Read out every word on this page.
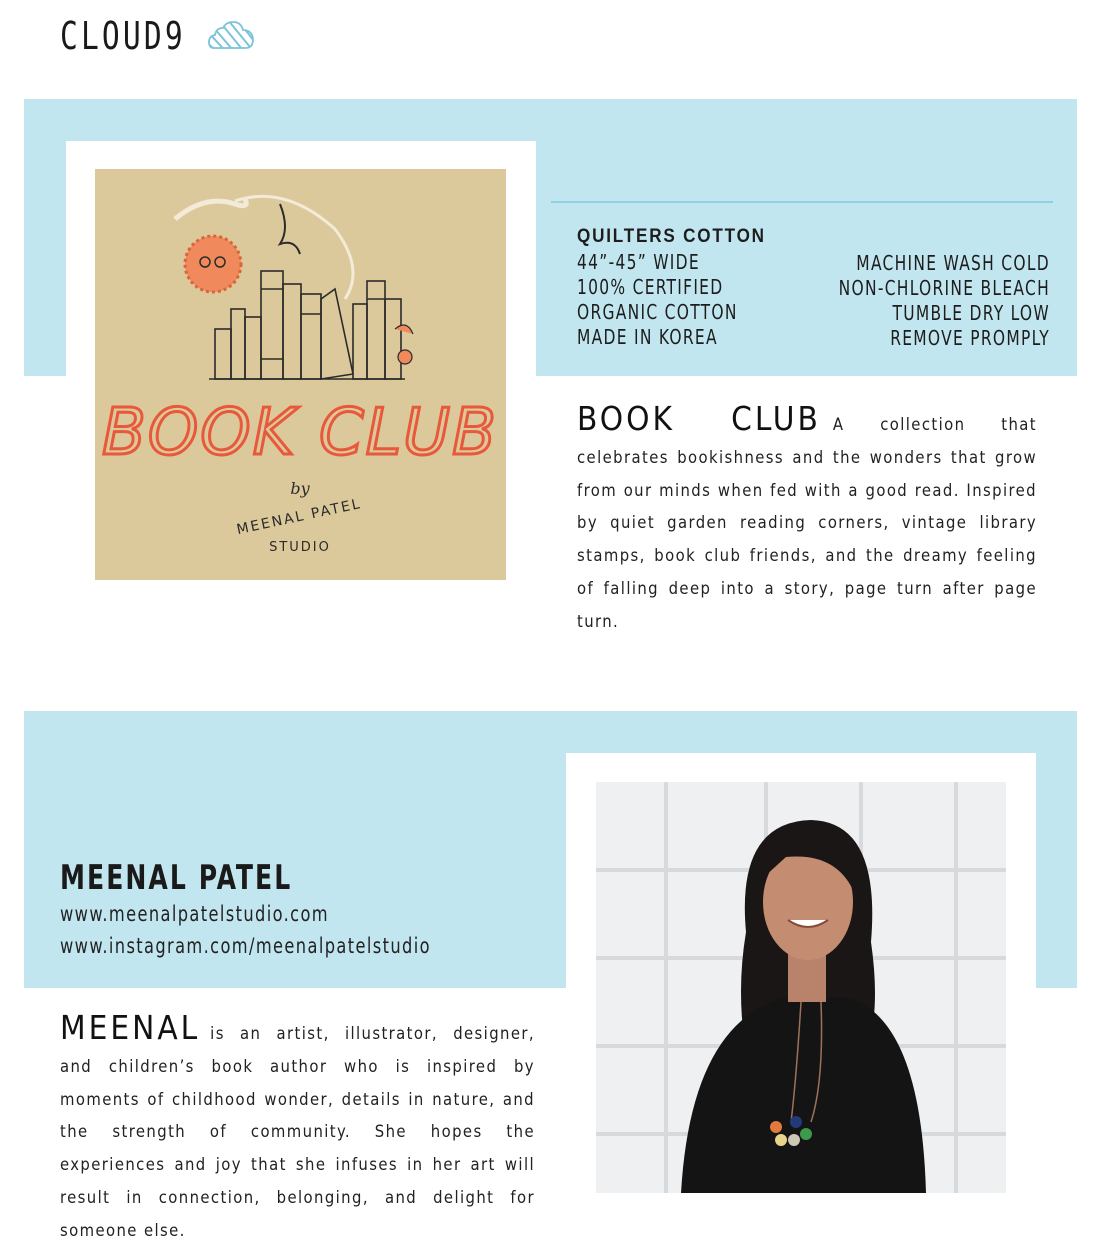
CLOUD9
BOOK CLUB
by
MEENAL PATEL
STUDIO
QUILTERS COTTON
44”-45” WIDE
100% CERTIFIED
ORGANIC COTTON
MADE IN KOREA
MACHINE WASH COLD
NON-CHLORINE BLEACH
TUMBLE DRY LOW
REMOVE PROMPLY
BOOK CLUB A collection that celebrates bookishness and the wonders that grow from our minds when fed with a good read. Inspired by quiet garden reading corners, vintage library stamps, book club friends, and the dreamy feeling of falling deep into a story, page turn after page turn.
MEENAL PATEL
www.meenalpatelstudio.com
www.instagram.com/meenalpatelstudio
MEENAL is an artist, illustrator, designer, and children’s book author who is inspired by moments of childhood wonder, details in nature, and the strength of community. She hopes the experiences and joy that she infuses in her art will result in connection, belonging, and delight for someone else.
